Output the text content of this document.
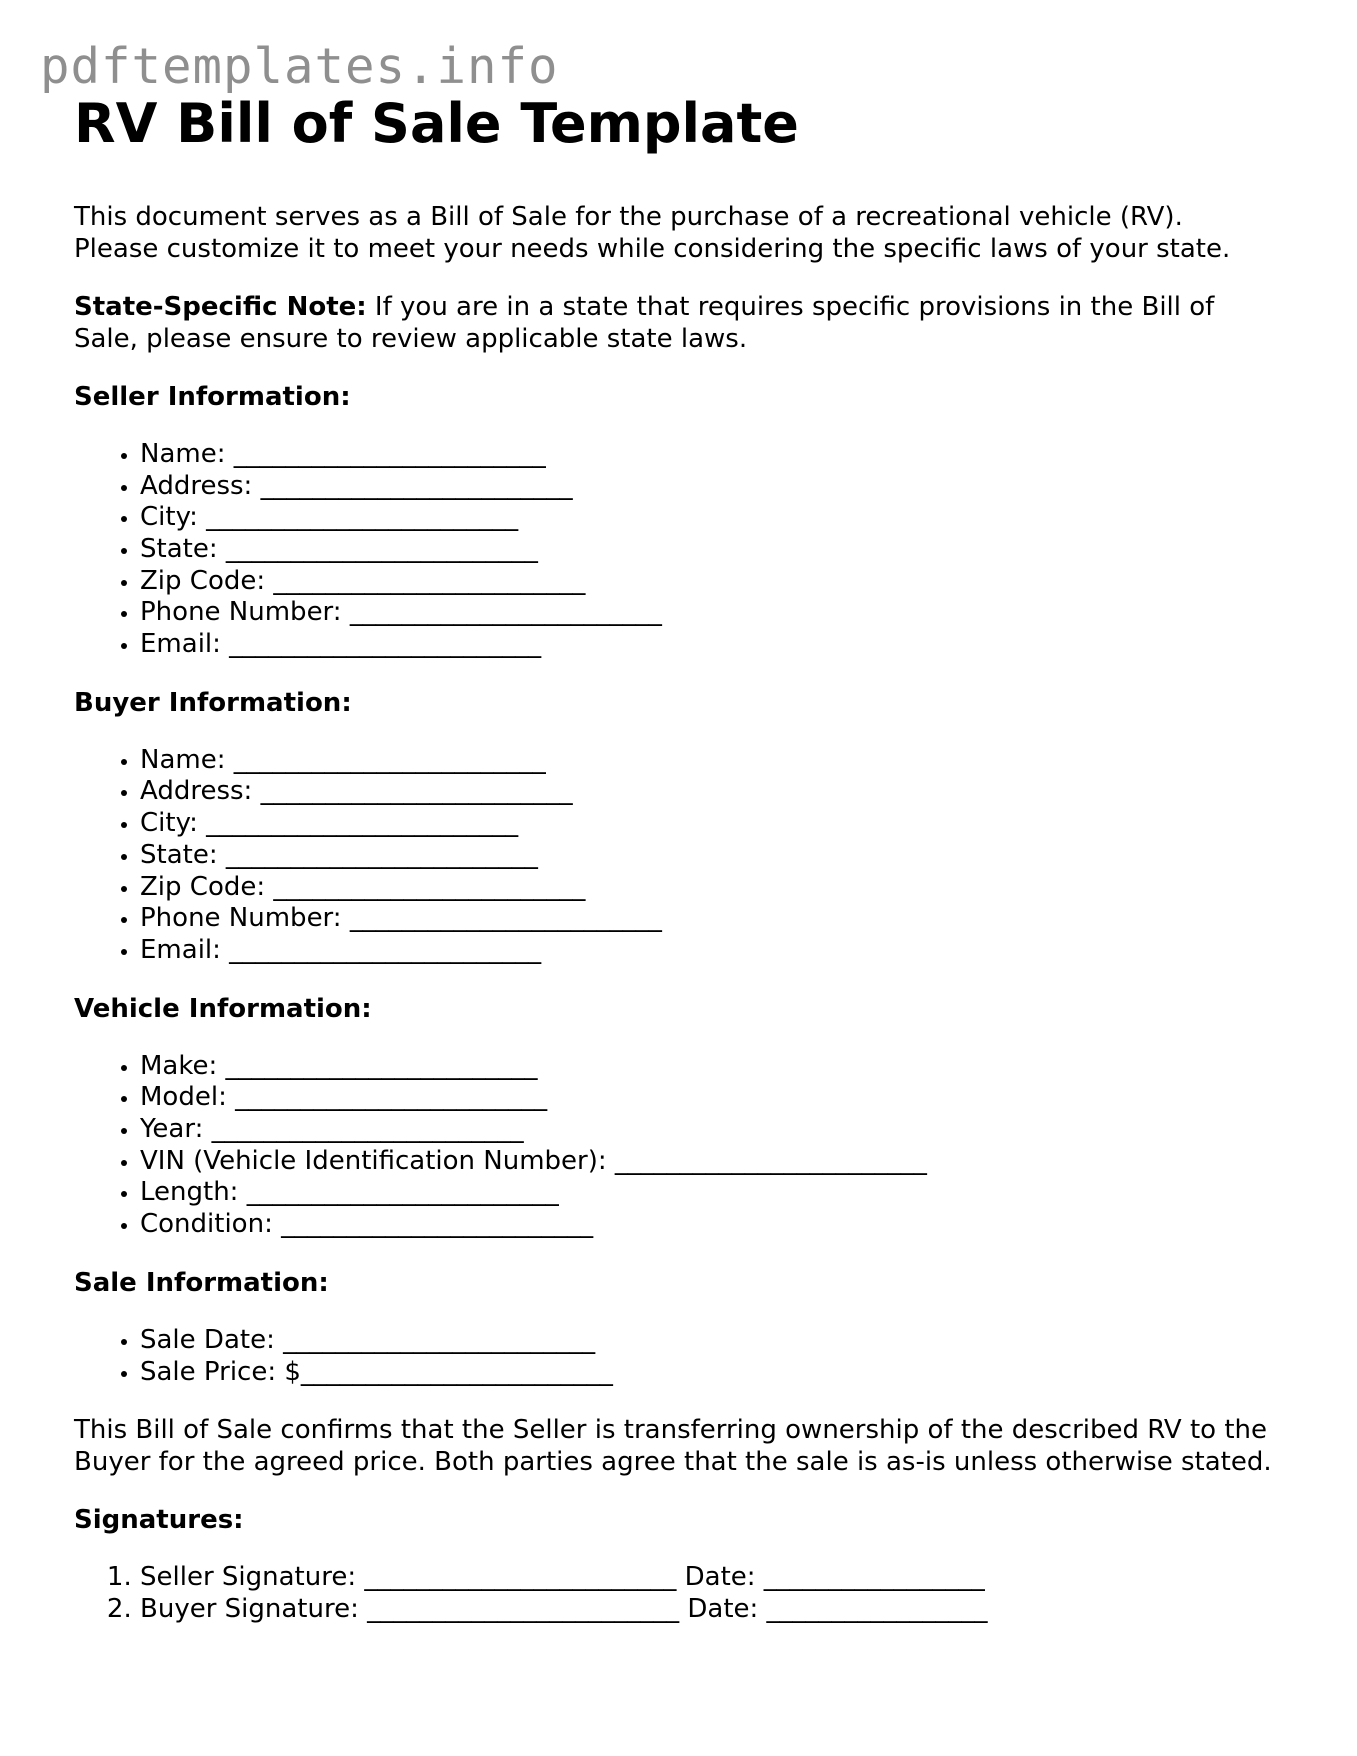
pdftemplates.info
RV Bill of Sale Template

This document serves as a Bill of Sale for the purchase of a recreational vehicle (RV). Please customize it to meet your needs while considering the specific laws of your state.

State-Specific Note: If you are in a state that requires specific provisions in the Bill of Sale, please ensure to review applicable state laws.

Seller Information:
• Name: ________________________
• Address: ________________________
• City: ________________________
• State: ________________________
• Zip Code: ________________________
• Phone Number: ________________________
• Email: ________________________
Buyer Information:
• Name: ________________________
• Address: ________________________
• City: ________________________
• State: ________________________
• Zip Code: ________________________
• Phone Number: ________________________
• Email: ________________________
Vehicle Information:
• Make: ________________________
• Model: ________________________
• Year: ________________________
• VIN (Vehicle Identification Number): ________________________
• Length: ________________________
• Condition: ________________________
Sale Information:
• Sale Date: ________________________
• Sale Price: $________________________

This Bill of Sale confirms that the Seller is transferring ownership of the described RV to the Buyer for the agreed price. Both parties agree that the sale is as-is unless otherwise stated.

Signatures:
1. Seller Signature: ________________________ Date: _________________
2. Buyer Signature: ________________________ Date: _________________
